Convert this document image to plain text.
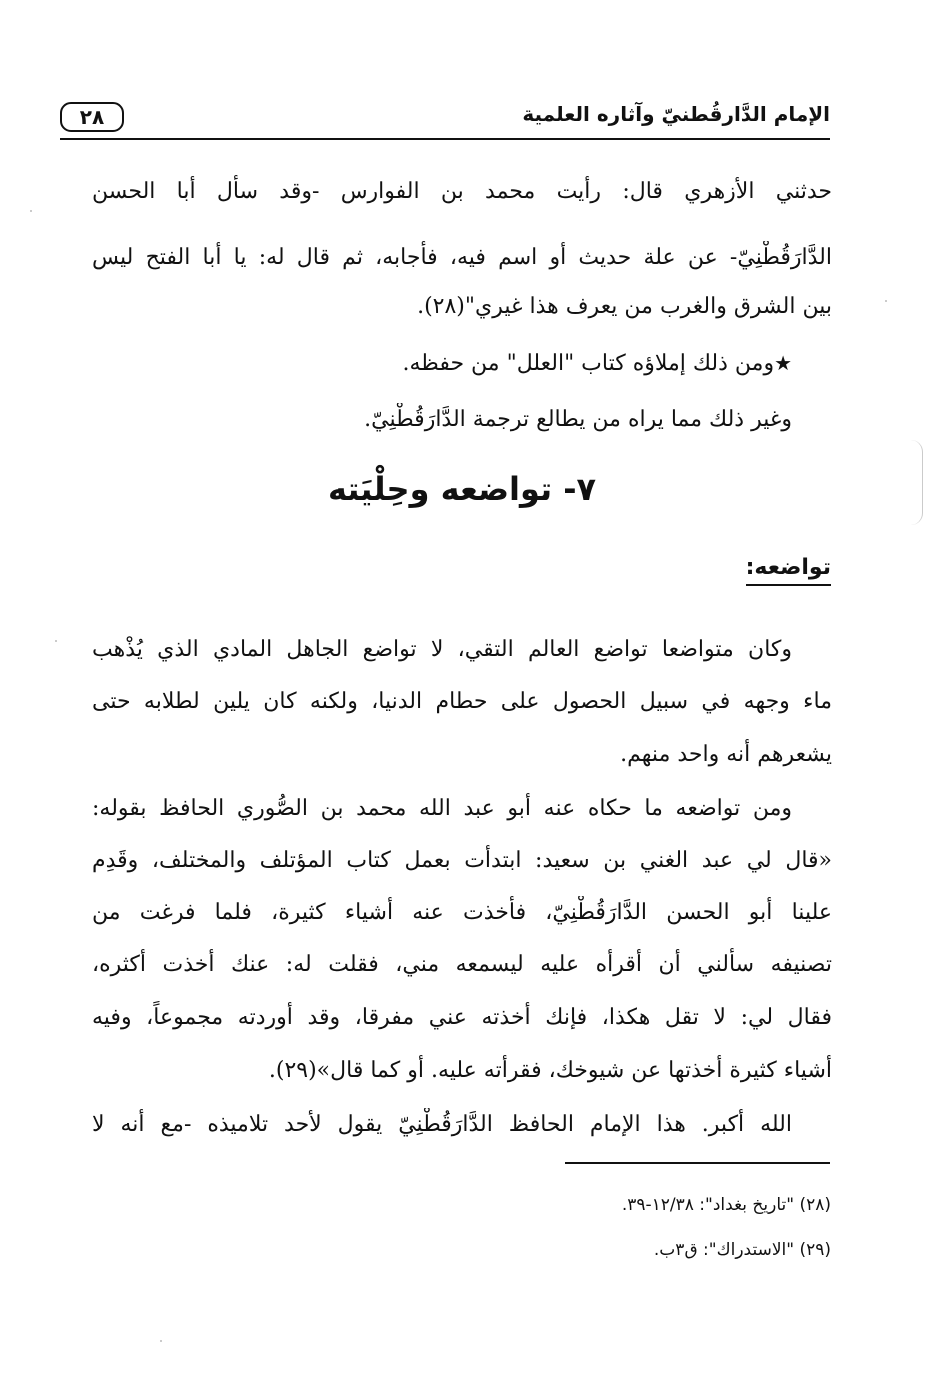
٢٨	الإمام الدَّارقُطنيّ وآثاره العلمية
حدثني الأزهري قال: رأيت محمد بن الفوارس -وقد سأل أبا الحسن
الدَّارَقُطْنِيّ- عن علة حديث أو اسم فيه، فأجابه، ثم قال له: يا أبا الفتح ليس
بين الشرق والغرب من يعرف هذا غيري"(٢٨).
★ومن ذلك إملاؤه كتاب "العلل" من حفظه.
وغير ذلك مما يراه من يطالع ترجمة الدَّارَقُطْنِيّ.
٧- تواضعه وحِلْيَته
تواضعه:
وكان متواضعا تواضع العالم التقي، لا تواضع الجاهل المادي الذي يُذْهب
ماء وجهه في سبيل الحصول على حطام الدنيا، ولكنه كان يلين لطلابه حتى
يشعرهم أنه واحد منهم.
ومن تواضعه ما حكاه عنه أبو عبد الله محمد بن الصُّوري الحافظ بقوله:
«قال لي عبد الغني بن سعيد: ابتدأت بعمل كتاب المؤتلف والمختلف، وقَدِم
علينا أبو الحسن الدَّارَقُطْنِيّ، فأخذت عنه أشياء كثيرة، فلما فرغت من
تصنيفه سألني أن أقرأه عليه ليسمعه مني، فقلت له: عنك أخذت أكثره،
فقال لي: لا تقل هكذا، فإنك أخذته عني مفرقا، وقد أوردته مجموعاً، وفيه
أشياء كثيرة أخذتها عن شيوخك، فقرأته عليه. أو كما قال»(٢٩).
الله أكبر. هذا الإمام الحافظ الدَّارَقُطْنِيّ يقول لأحد تلاميذه -مع أنه لا
(٢٨) "تاريخ بغداد": ١٢/٣٨-٣٩.
(٢٩) "الاستدراك": ق٣ب.
